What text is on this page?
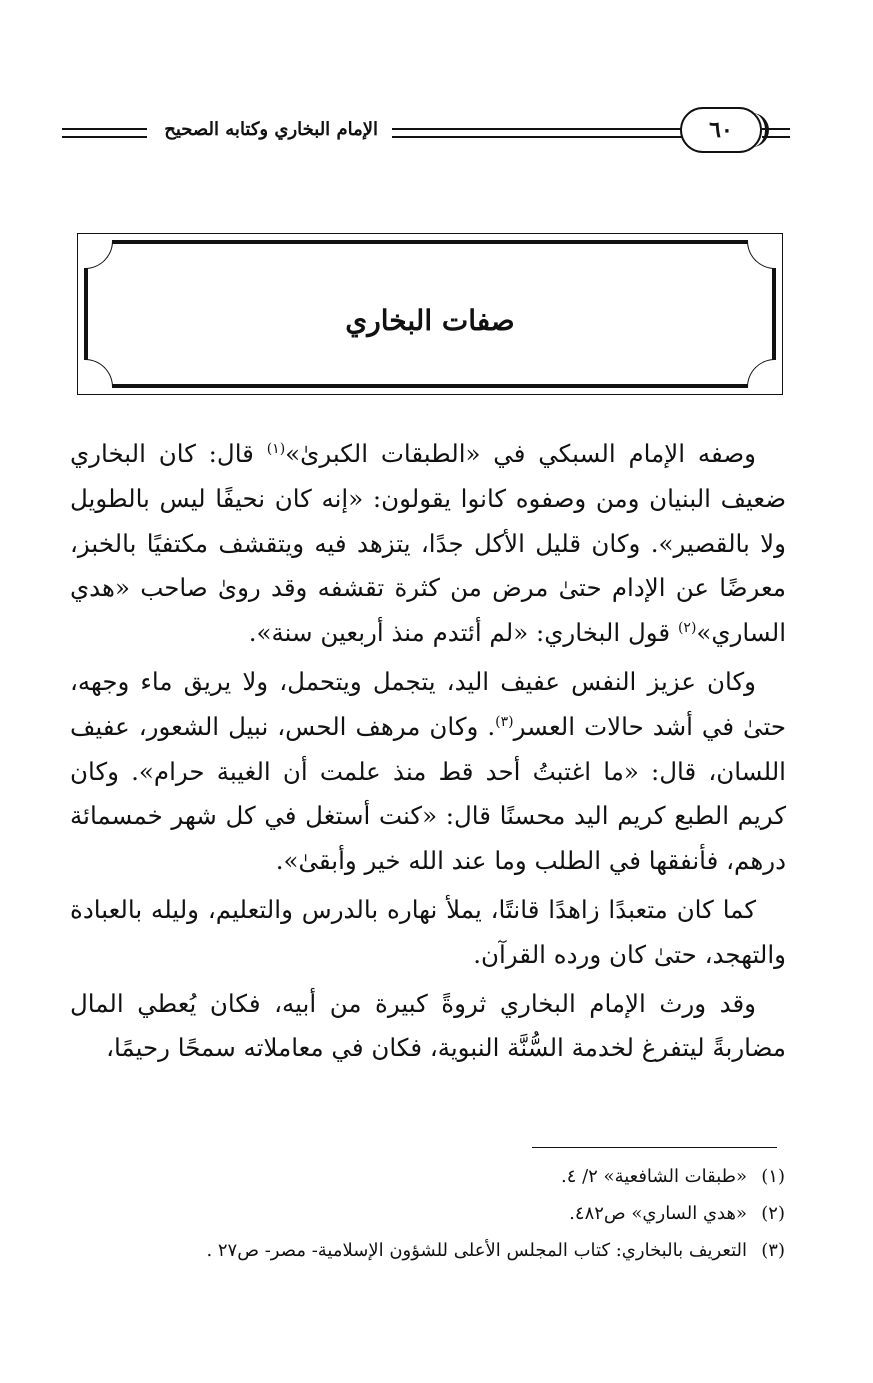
الإمام البخاري وكتابه الصحيح	٦٠
صفات البخاري

وصفه الإمام السبكي في «الطبقات الكبرىٰ»$^{(١)}$ قال: كان البخاري ضعيف البنيان ومن وصفوه كانوا يقولون: «إنه كان نحيفًا ليس بالطويل ولا بالقصير». وكان قليل الأكل جدًا، يتزهد فيه ويتقشف مكتفيًا بالخبز، معرضًا عن الإدام حتىٰ مرض من كثرة تقشفه وقد روىٰ صاحب «هدي الساري»$^{(٢)}$ قول البخاري: «لم أئتدم منذ أربعين سنة».

وكان عزيز النفس عفيف اليد، يتجمل ويتحمل، ولا يريق ماء وجهه، حتىٰ في أشد حالات العسر$^{(٣)}$. وكان مرهف الحس، نبيل الشعور، عفيف اللسان، قال: «ما اغتبتُ أحد قط منذ علمت أن الغيبة حرام». وكان كريم الطبع كريم اليد محسنًا قال: «كنت أستغل في كل شهر خمسمائة درهم، فأنفقها في الطلب وما عند الله خير وأبقىٰ».

كما كان متعبدًا زاهدًا قانتًا، يملأ نهاره بالدرس والتعليم، وليله بالعبادة والتهجد، حتىٰ كان ورده القرآن.

وقد ورث الإمام البخاري ثروةً كبيرة من أبيه، فكان يُعطي المال مضاربةً ليتفرغ لخدمة السُّنَّة النبوية، فكان في معاملاته سمحًا رحيمًا،

(١)«طبقات الشافعية» ٢/ ٤.
(٢)«هدي الساري» ص٤٨٢.
(٣)التعريف بالبخاري: كتاب المجلس الأعلى للشؤون الإسلامية- مصر- ص٢٧ .
